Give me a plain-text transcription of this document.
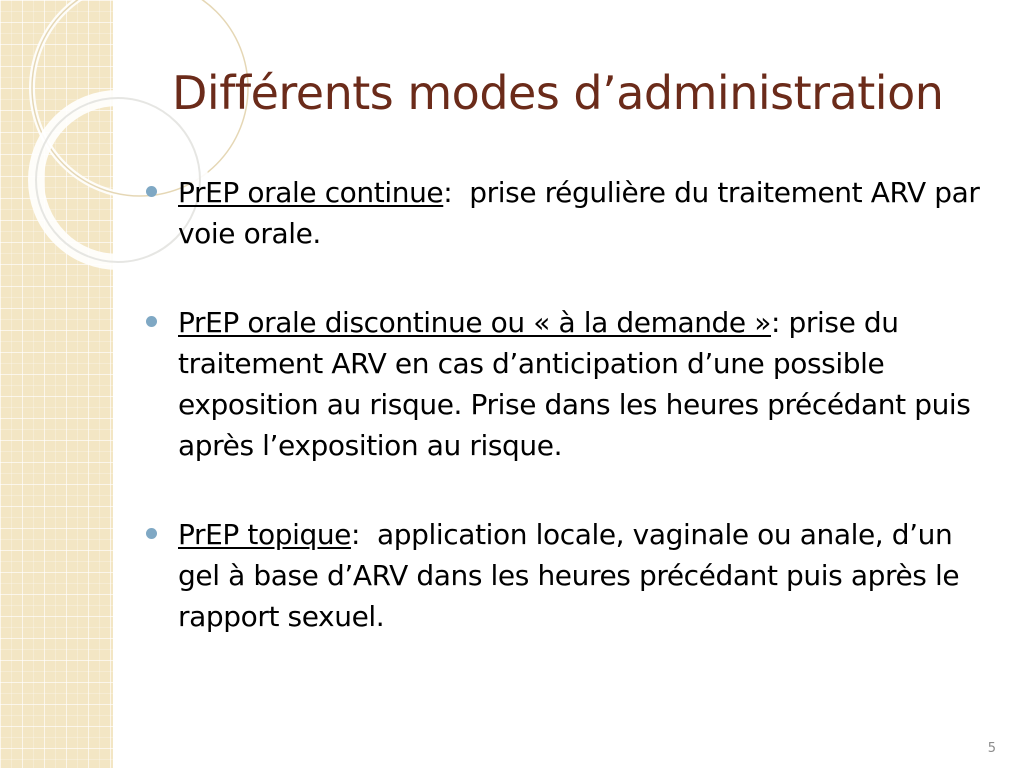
Différents modes d’administration
PrEP orale continue:  prise régulière du traitement ARV par voie orale.
PrEP orale discontinue ou « à la demande »: prise du traitement ARV en cas d’anticipation d’une possible exposition au risque. Prise dans les heures précédant puis après l’exposition au risque.
PrEP topique:  application locale, vaginale ou anale, d’un gel à base d’ARV dans les heures précédant puis après le rapport sexuel.
5
